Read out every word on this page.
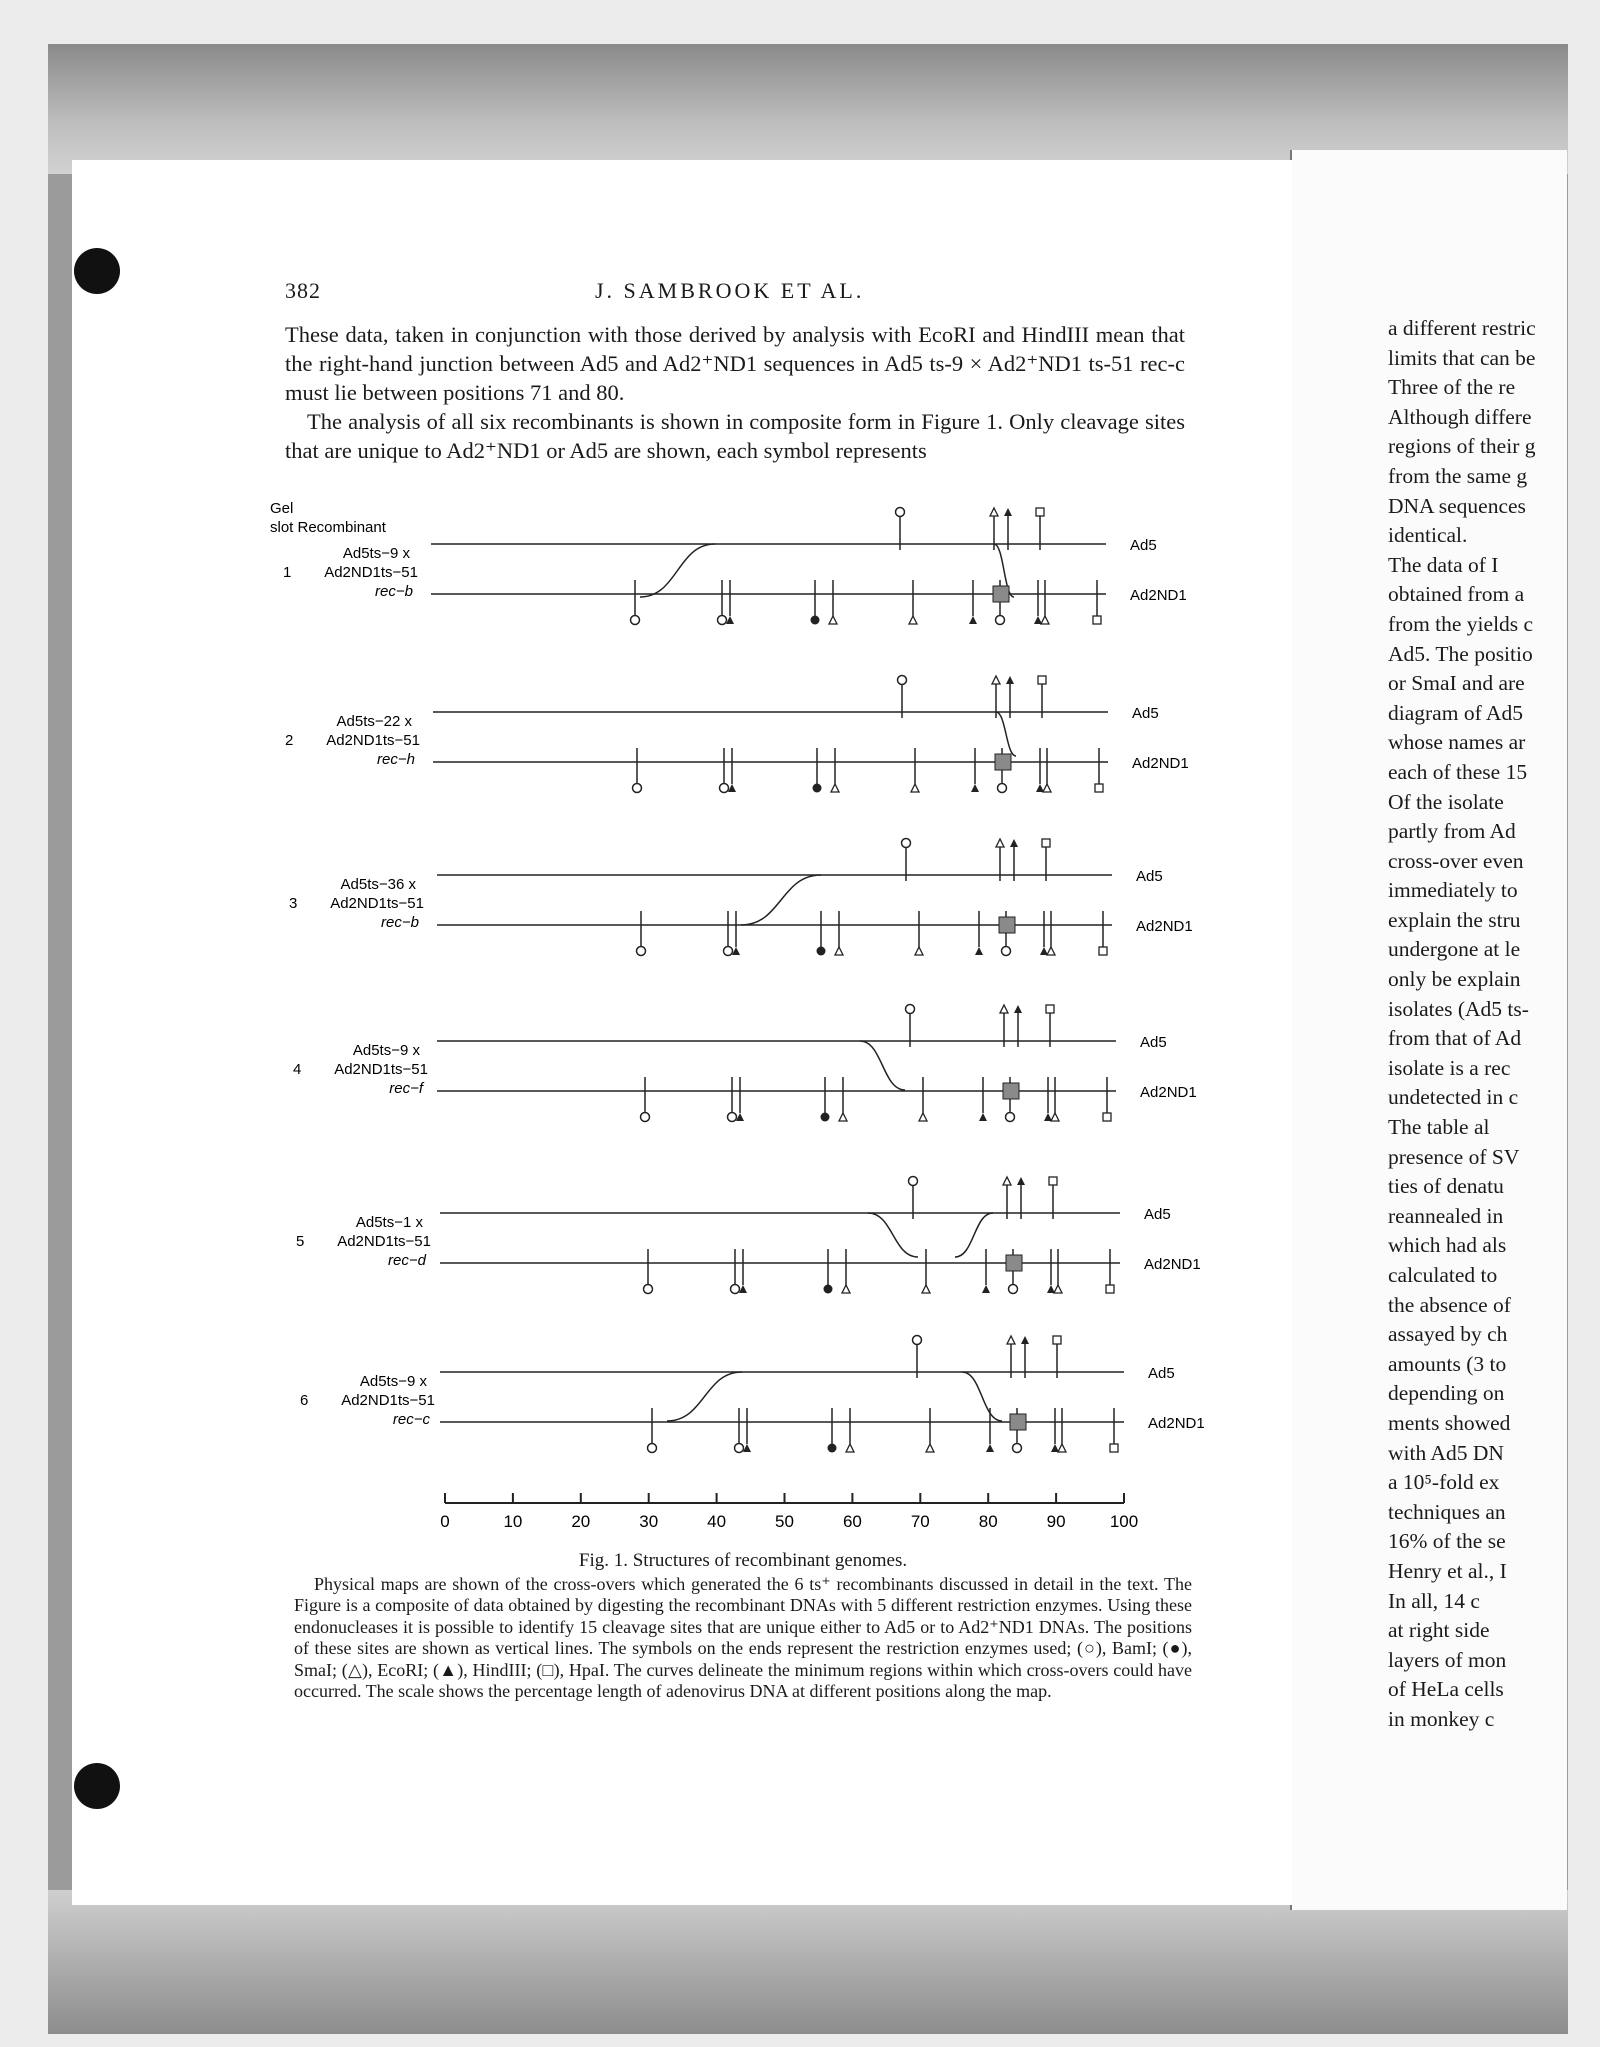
382	J. SAMBROOK ET AL.

These data, taken in conjunction with those derived by analysis with EcoRI and HindIII mean that the right-hand junction between Ad5 and Ad2⁺ND1 sequences in Ad5 ts-9 × Ad2⁺ND1 ts-51 rec-c must lie between positions 71 and 80.

The analysis of all six recombinants is shown in composite form in Figure 1. Only cleavage sites that are unique to Ad2⁺ND1 or Ad5 are shown, each symbol represents

a different restric
limits that can be
Three of the re
Although differe
regions of their g
from the same g
DNA sequences
identical.
The data of I
obtained from a
from the yields c
Ad5. The positio
or SmaI and are
diagram of Ad5
whose names ar
each of these 15
Of the isolate
partly from Ad
cross-over even
immediately to
explain the stru
undergone at le
only be explain
isolates (Ad5 ts-
from that of Ad
isolate is a rec
undetected in c
The table al
presence of SV
ties of denatu
reannealed in
which had als
calculated to
the absence of
assayed by ch
amounts (3 to
depending on
ments showed
with Ad5 DN
a 10⁵-fold ex
techniques an
16% of the se
Henry et al., I
In all, 14 c
at right side
layers of mon
of HeLa cells
in monkey c
Gel
slot Recombinant
Ad5ts−9 x
1 Ad2ND1ts−51
rec−b
Ad5
Ad2ND1
Ad5ts−22 x
2 Ad2ND1ts−51
rec−h
Ad5
Ad2ND1
Ad5ts−36 x
3 Ad2ND1ts−51
rec−b
Ad5
Ad2ND1
Ad5ts−9 x
4 Ad2ND1ts−51
rec−f
Ad5
Ad2ND1
Ad5ts−1 x
5 Ad2ND1ts−51
rec−d
Ad5
Ad2ND1
Ad5ts−9 x
6 Ad2ND1ts−51
rec−c
Ad5
Ad2ND1
0	10	20	30	40	50	60	70	80	90	100
Fig. 1. Structures of recombinant genomes.
Physical maps are shown of the cross-overs which generated the 6 ts⁺ recombinants discussed in detail in the text. The Figure is a composite of data obtained by digesting the recombinant DNAs with 5 different restriction enzymes. Using these endonucleases it is possible to identify 15 cleavage sites that are unique either to Ad5 or to Ad2⁺ND1 DNAs. The positions of these sites are shown as vertical lines. The symbols on the ends represent the restriction enzymes used; (○), BamI; (●), SmaI; (△), EcoRI; (▲), HindIII; (□), HpaI. The curves delineate the minimum regions within which cross-overs could have occurred. The scale shows the percentage length of adenovirus DNA at different positions along the map.
